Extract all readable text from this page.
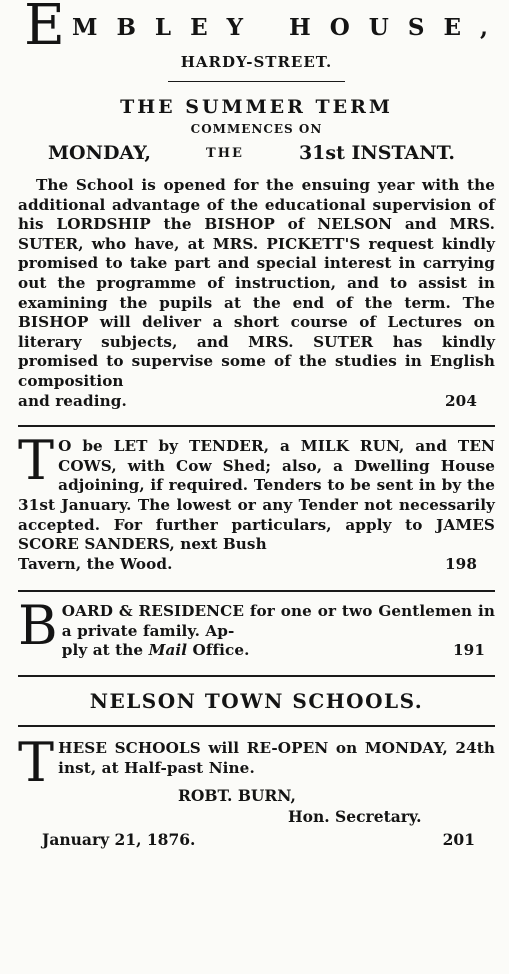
E MBLEY HOUSE,
HARDY-STREET.
THE SUMMER TERM
COMMENCES ON
MONDAY,	THE	31st INSTANT.
The School is opened for the ensuing year with the additional advantage of the educational supervision of his LORDSHIP the BISHOP of NELSON and MRS. SUTER, who have, at MRS. PICKETT'S request kindly promised to take part and special interest in carrying out the programme of instruction, and to assist in examining the pupils at the end of the term. The BISHOP will deliver a short course of Lectures on literary subjects, and MRS. SUTER has kindly promised to supervise some of the studies in English composition
and reading.	204
T O be LET by TENDER, a MILK RUN, and TEN COWS, with Cow Shed; also, a Dwelling House adjoining, if required. Tenders to be sent in by the 31st January. The lowest or any Tender not necessarily accepted. For further particulars, apply to JAMES SCORE SANDERS, next Bush
Tavern, the Wood.	198
B OARD & RESIDENCE for one or two Gentlemen in a private family. Ap-
ply at the Mail Office.	191
NELSON TOWN SCHOOLS.
T HESE SCHOOLS will RE-OPEN on MONDAY, 24th inst, at Half-past Nine.
ROBT. BURN,
Hon. Secretary.
January 21, 1876.	201
